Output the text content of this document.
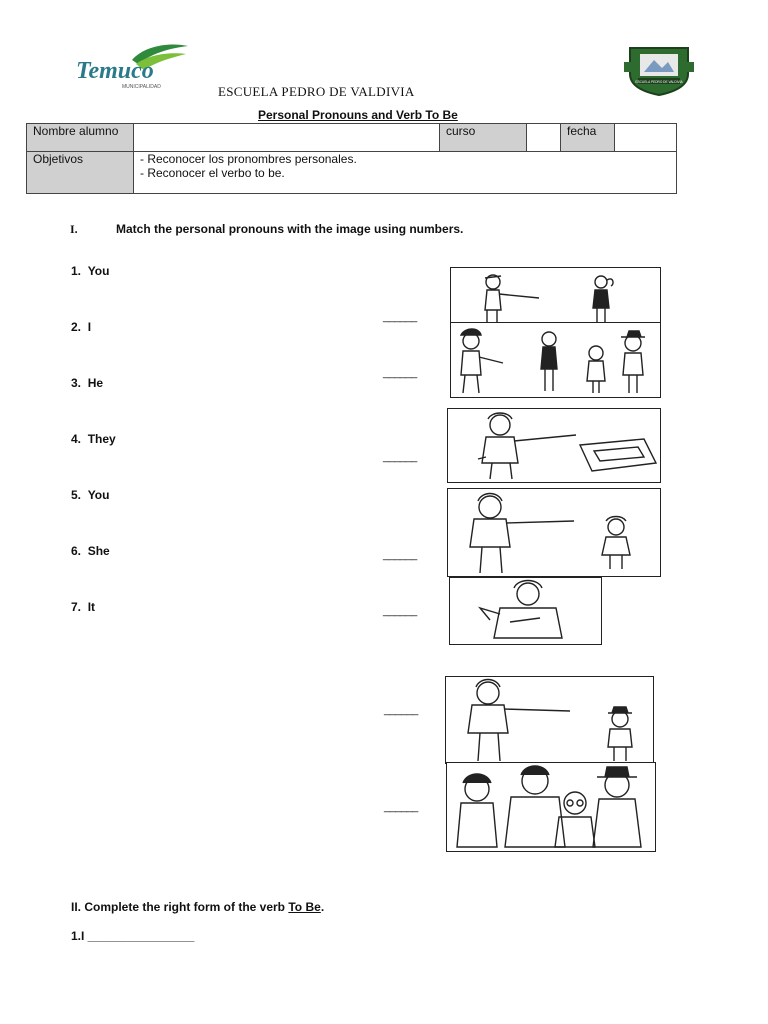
Temuco
MUNICIPALIDAD
ESCUELA PEDRO DE VALDIVIA
ESCUELA PEDRO DE VALDIVIA
Personal Pronouns and Verb To Be
Nombre alumno		curso		fecha	
Objetivos	- Reconocer los pronombres personales.
- Reconocer el verbo to be.				
I.	Match the personal pronouns with the image using numbers.
1. You
2. I
3. He
4. They
5. You
6. She
7. It
______
______
______
______
______
______
______
II. Complete the right form of the verb To Be.
1.I ________________
